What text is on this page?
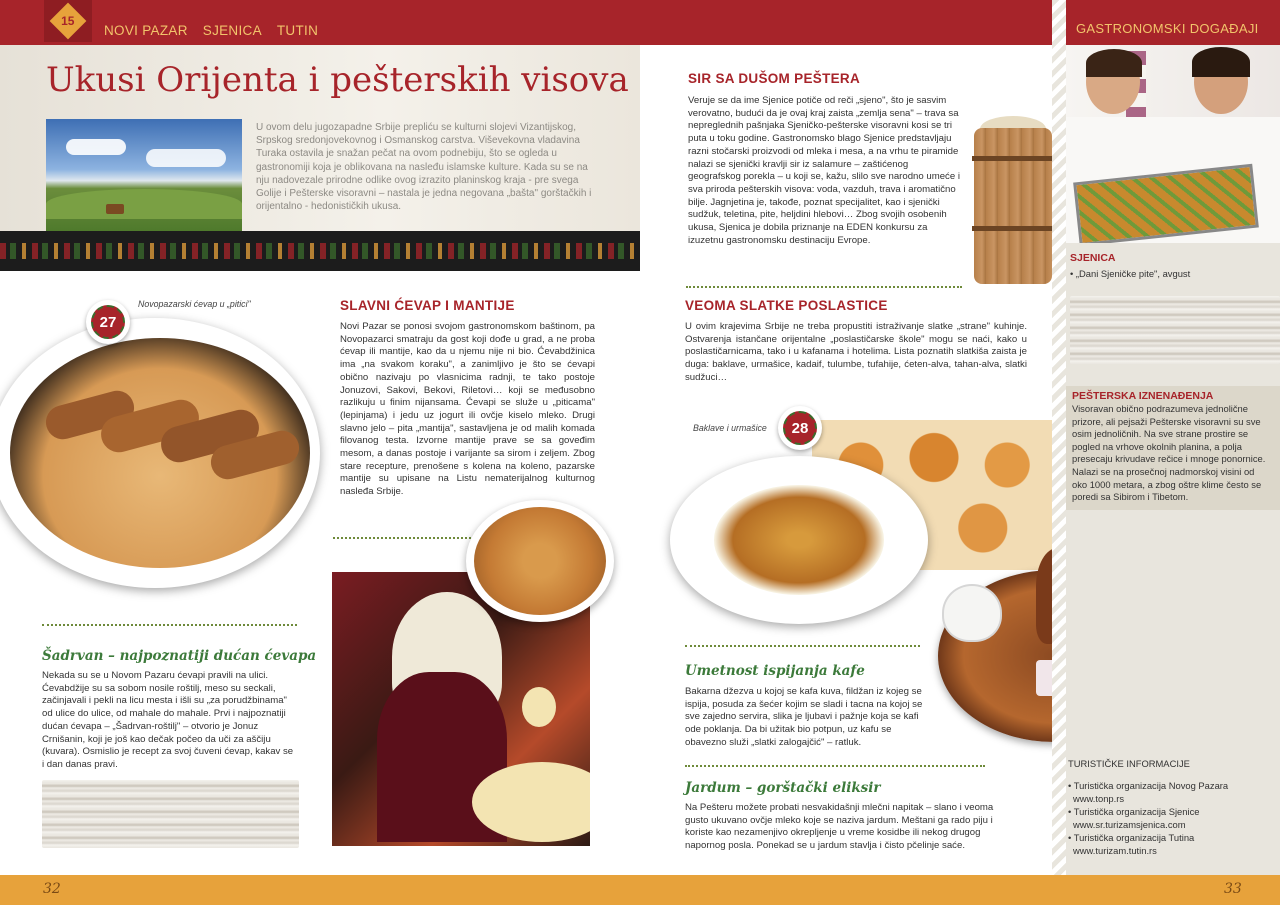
15
NOVI PAZAR SJENICA TUTIN
Ukusi Orijenta i pešterskih visova

U ovom delu jugozapadne Srbije prepliću se kulturni slojevi Vizantijskog, Srpskog sredonjovekovnog i Osmanskog carstva. Viševekovna vladavina Turaka ostavila je snažan pečat na ovom podnebiju, što se ogleda u gastronomiji koja je oblikovana na nasleđu islamske kulture. Kada su se na nju nadovezale prirodne odlike ovog izrazito planinskog kraja - pre svega Golije i Pešterske visoravni – nastala je jedna negovana „bašta" gorštačkih i orijentalno - hedonističkih ukusa.

27
Novopazarski ćevap u „pitici"	SLAVNI ĆEVAP I MANTIJE

Novi Pazar se ponosi svojom gastronomskom baštinom, pa Novopazarci smatraju da gost koji dođe u grad, a ne proba ćevap ili mantije, kao da u njemu nije ni bio. Ćevabdžinica ima „na svakom koraku", a zanimljivo je što se ćevapi obično nazivaju po vlasnicima radnji, te tako postoje Jonuzovi, Sakovi, Bekovi, Riletovi… koji se međusobno razlikuju u finim nijansama. Ćevapi se služe u „piticama" (lepinjama) i jedu uz jogurt ili ovčje kiselo mleko. Drugi slavno jelo – pita „mantija", sastavljena je od malih komada filovanog testa. Izvorne mantije prave se sa goveđim mesom, a danas postoje i varijante sa sirom i zeljem. Zbog stare recepture, prenošene s kolena na koleno, pazarske mantije su upisane na Listu nematerijalnog kulturnog nasleđa Srbije.

Šadrvan – najpoznatiji dućan ćevapa

Nekada su se u Novom Pazaru ćevapi pravili na ulici. Ćevabdžije su sa sobom nosile roštilj, meso su seckali, začinjavali i pekli na licu mesta i išli su „za porudžbinama" od ulice do ulice, od mahale do mahale. Prvi i najpoznatiji dućan ćevapa – „Šadrvan-roštilj" – otvorio je Jonuz Crnišanin, koji je još kao dečak počeo da uči za aščiju (kuvara). Osmislio je recept za svoj čuveni ćevap, kakav se i dan danas pravi.

SIR SA DUŠOM PEŠTERA

Veruje se da ime Sjenice potiče od reči „sjeno", što je sasvim verovatno, budući da je ovaj kraj zaista „zemlja sena" – trava sa nepreglednih pašnjaka Sjeničko-pešterske visoravni kosi se tri puta u toku godine. Gastronomsko blago Sjenice predstavljaju razni stočarski proizvodi od mleka i mesa, a na vrhu te piramide nalazi se sjenički kravlji sir iz salamure – zaštićenog geografskog porekla – u koji se, kažu, slilo sve narodno umeće i sva priroda pešterskih visova: voda, vazduh, trava i aromatično bilje. Jagnjetina je, takođe, poznat specijalitet, kao i sjenički sudžuk, teletina, pite, heljdini hlebovi… Zbog svojih osobenih ukusa, Sjenica je dobila priznanje na EDEN konkursu za izuzetnu gastronomsku destinaciju Evrope.

VEOMA SLATKE POSLASTICE

U ovim krajevima Srbije ne treba propustiti istraživanje slatke „strane" kuhinje. Ostvarenja istančane orijentalne „poslastičarske škole" mogu se naći, kako u poslastičarnicama, tako i u kafanama i hotelima. Lista poznatih slatkiša zaista je duga: baklave, urmašice, kadaif, tulumbe, tufahije, ćeten-alva, tahan-alva, slatki sudžuci…

28
Baklave i urmašice
Umetnost ispijanja kafe

Bakarna džezva u kojoj se kafa kuva, fildžan iz kojeg se ispija, posuda za šećer kojim se sladi i tacna na kojoj se sve zajedno servira, slika je ljubavi i pažnje koja se kafi ode poklanja. Da bi užitak bio potpun, uz kafu se obavezno služi „slatki zalogajčić" – ratluk.

Jardum – gorštački eliksir

Na Pešteru možete probati nesvakidašnji mlečni napitak – slano i veoma gusto ukuvano ovčje mleko koje se naziva jardum. Meštani ga rado piju i koriste kao nezamenjivo okrepljenje u vreme kosidbe ili nekog drugog napornog posla. Ponekad se u jardum stavlja i čisto pčelinje saće.

GASTRONOMSKI DOGAĐAJI
SJENICA
• „Dani Sjeničke pite", avgust
PEŠTERSKA IZNENAĐENJA

Visoravan obično podrazumeva jednolične prizore, ali pejsaži Pešterske visoravni su sve osim jednoličnih. Na sve strane prostire se pogled na vrhove okolnih planina, a polja presecaju krivudave rečice i mnoge ponornice. Nalazi se na prosečnoj nadmorskoj visini od oko 1000 metara, a zbog oštre klime često se poredi sa Sibirom i Tibetom.

TURISTIČKE INFORMACIJE
• Turistička organizacija Novog Pazara
www.tonp.rs
• Turistička organizacija Sjenice
www.sr.turizamsjenica.com
• Turistička organizacija Tutina
www.turizam.tutin.rs
32	33
